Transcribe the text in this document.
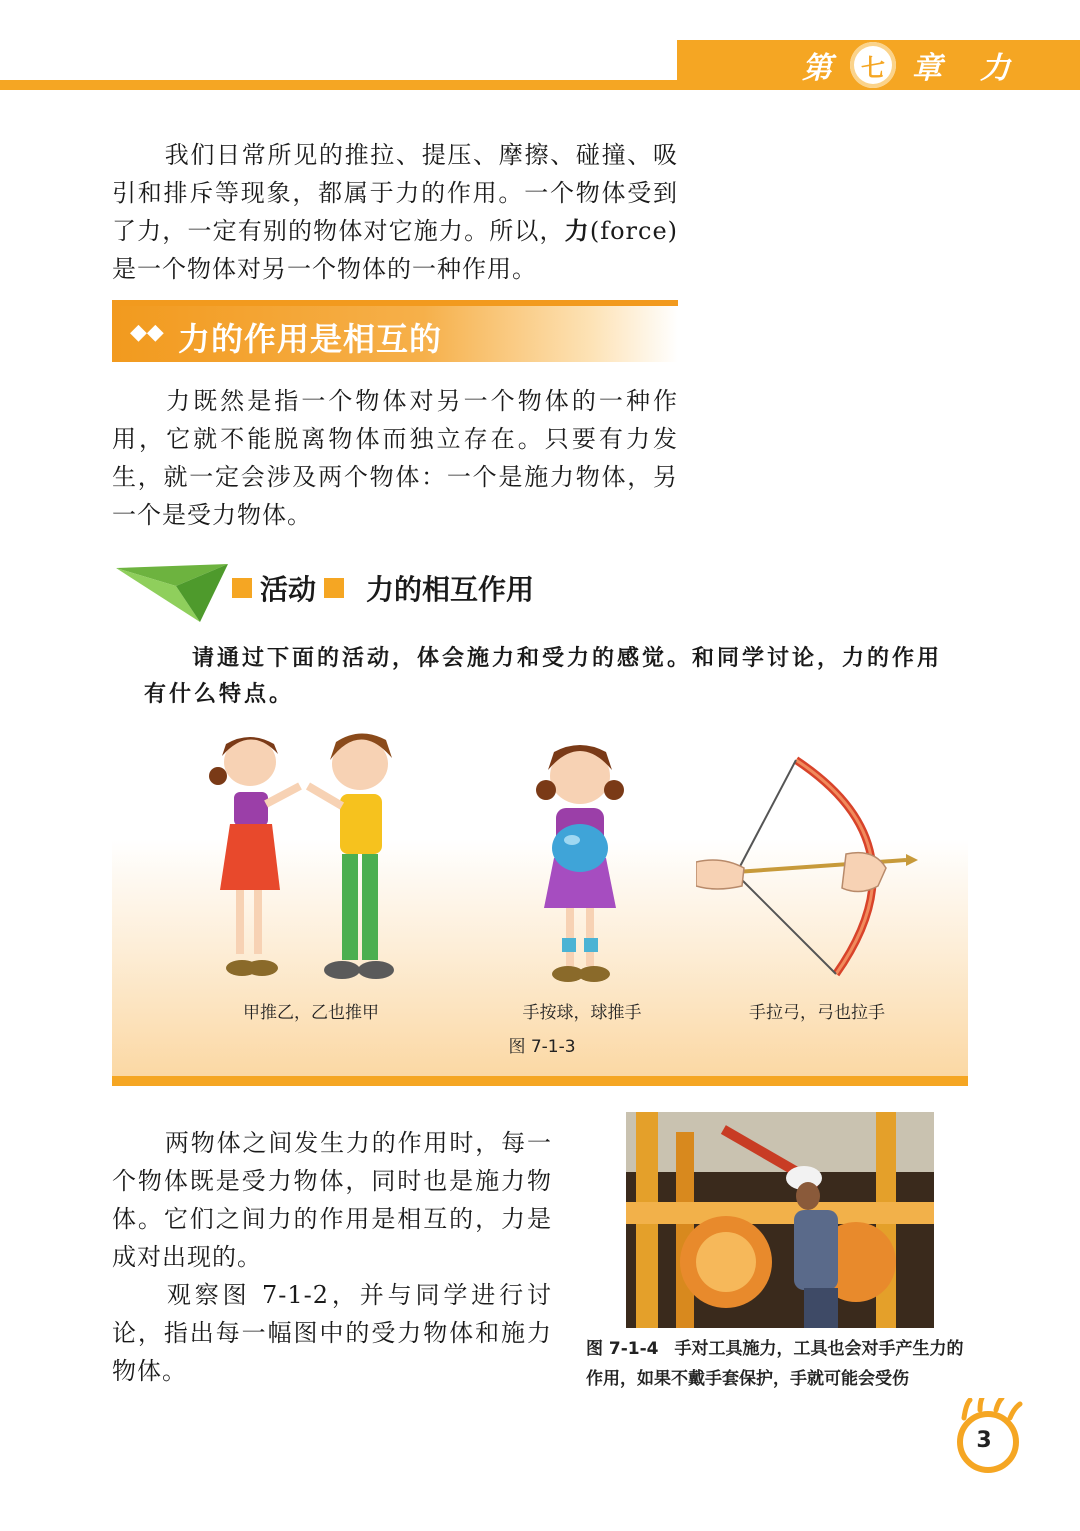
第	七 章 力

我们日常所见的推拉、提压、摩擦、碰撞、吸引和排斥等现象，都属于力的作用。一个物体受到了力，一定有别的物体对它施力。所以，力(force) 是一个物体对另一个物体的一种作用。

◆◆ 力的作用是相互的

力既然是指一个物体对另一个物体的一种作用，它就不能脱离物体而独立存在。只要有力发生，就一定会涉及两个物体：一个是施力物体，另一个是受力物体。

活动 力的相互作用

请通过下面的活动，体会施力和受力的感觉。和同学讨论，力的作用有什么特点。

甲推乙，乙也推甲	手按球，球推手	手拉弓，弓也拉手
图 7-1-3

两物体之间发生力的作用时，每一个物体既是受力物体，同时也是施力物体。它们之间力的作用是相互的，力是成对出现的。

观察图 7-1-2，并与同学进行讨论，指出每一幅图中的受力物体和施力物体。

图 7-1-4 手对工具施力，工具也会对手产生力的作用，如果不戴手套保护，手就可能会受伤

3
